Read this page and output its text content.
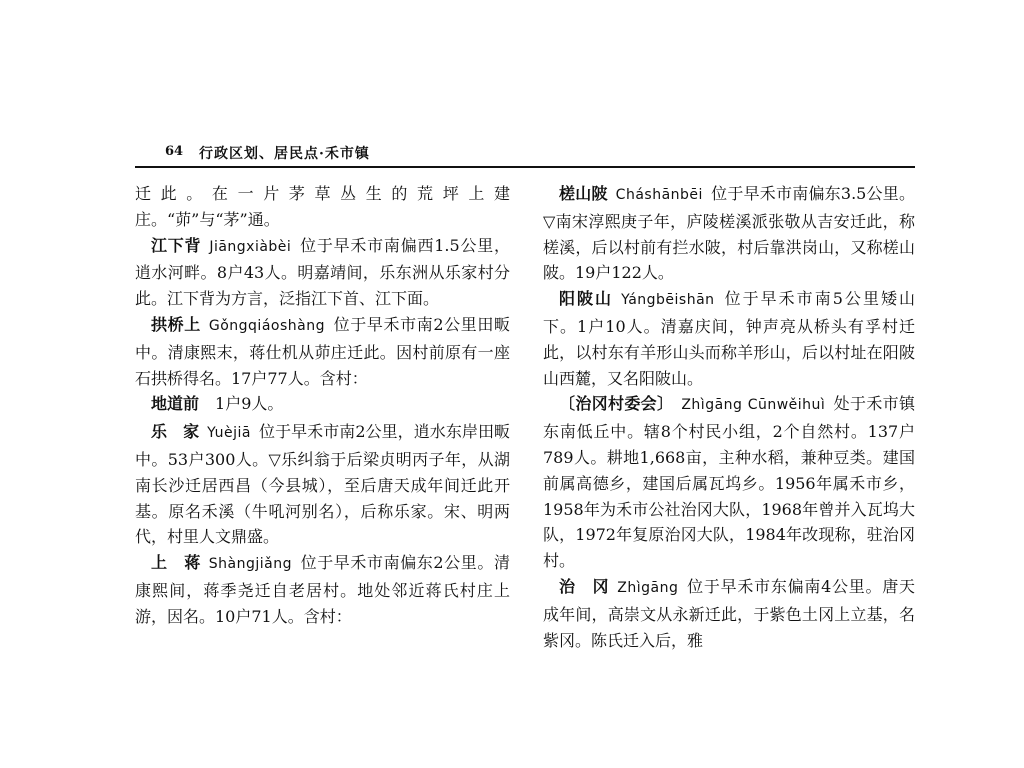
64 行政区划、居民点·禾市镇

迁此。在一片茅草丛生的荒坪上建庄。“茆”与“茅”通。

江下背 Jiāngxiàbèi 位于早禾市南偏西1.5公里，逍水河畔。8户43人。明嘉靖间，乐东洲从乐家村分此。江下背为方言，泛指江下首、江下面。

拱桥上 Gǒngqiáoshàng 位于早禾市南2公里田畈中。清康熙末，蒋仕机从茆庄迁此。因村前原有一座石拱桥得名。17户77人。含村：

地道前 1户9人。

乐　家 Yuèjiā 位于早禾市南2公里，逍水东岸田畈中。53户300人。▽乐纠翁于后梁贞明丙子年，从湖南长沙迁居西昌（今县城），至后唐天成年间迁此开基。原名禾溪（牛吼河别名），后称乐家。宋、明两代，村里人文鼎盛。

上　蒋 Shàngjiǎng 位于早禾市南偏东2公里。清康熙间，蒋季尧迁自老居村。地处邻近蒋氏村庄上游，因名。10户71人。含村：

槎山陂 Cháshānbēi 位于早禾市南偏东3.5公里。▽南宋淳熙庚子年，庐陵槎溪派张敬从吉安迁此，称槎溪，后以村前有拦水陂，村后靠洪岗山，又称槎山陂。19户122人。

阳陂山 Yángbēishān 位于早禾市南5公里矮山下。1户10人。清嘉庆间，钟声亮从桥头有孚村迁此，以村东有羊形山头而称羊形山，后以村址在阳陂山西麓，又名阳陂山。

〔治冈村委会〕 Zhìgāng Cūnwěihuì 处于禾市镇东南低丘中。辖8个村民小组，2个自然村。137户789人。耕地1,668亩，主种水稻，兼种豆类。建国前属高德乡，建国后属瓦坞乡。1956年属禾市乡，1958年为禾市公社治冈大队，1968年曾并入瓦坞大队，1972年复原治冈大队，1984年改现称，驻治冈村。

治　冈 Zhìgāng 位于早禾市东偏南4公里。唐天成年间，高崇文从永新迁此，于紫色土冈上立基，名紫冈。陈氏迁入后，雅
